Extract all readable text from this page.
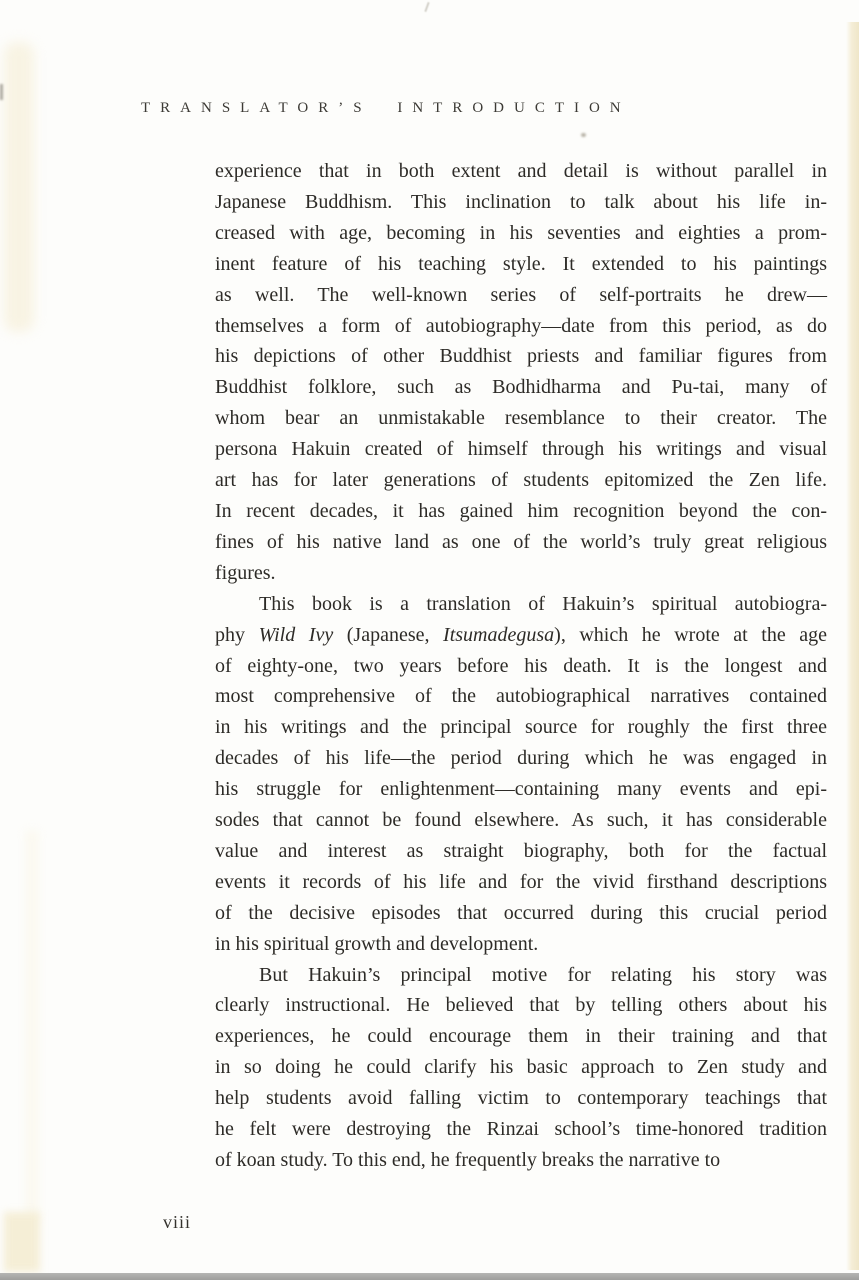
TRANSLATOR’S INTRODUCTION
experience that in both extent and detail is without parallel in
Japanese Buddhism. This inclination to talk about his life in-
creased with age, becoming in his seventies and eighties a prom-
inent feature of his teaching style. It extended to his paintings
as well. The well-known series of self-portraits he drew—
themselves a form of autobiography—date from this period, as do
his depictions of other Buddhist priests and familiar figures from
Buddhist folklore, such as Bodhidharma and Pu-tai, many of
whom bear an unmistakable resemblance to their creator. The
persona Hakuin created of himself through his writings and visual
art has for later generations of students epitomized the Zen life.
In recent decades, it has gained him recognition beyond the con-
fines of his native land as one of the world’s truly great religious
figures.
This book is a translation of Hakuin’s spiritual autobiogra-
phy Wild Ivy (Japanese, Itsumadegusa), which he wrote at the age
of eighty-one, two years before his death. It is the longest and
most comprehensive of the autobiographical narratives contained
in his writings and the principal source for roughly the first three
decades of his life—the period during which he was engaged in
his struggle for enlightenment—containing many events and epi-
sodes that cannot be found elsewhere. As such, it has considerable
value and interest as straight biography, both for the factual
events it records of his life and for the vivid firsthand descriptions
of the decisive episodes that occurred during this crucial period
in his spiritual growth and development.
But Hakuin’s principal motive for relating his story was
clearly instructional. He believed that by telling others about his
experiences, he could encourage them in their training and that
in so doing he could clarify his basic approach to Zen study and
help students avoid falling victim to contemporary teachings that
he felt were destroying the Rinzai school’s time-honored tradition
of koan study. To this end, he frequently breaks the narrative to
viii
